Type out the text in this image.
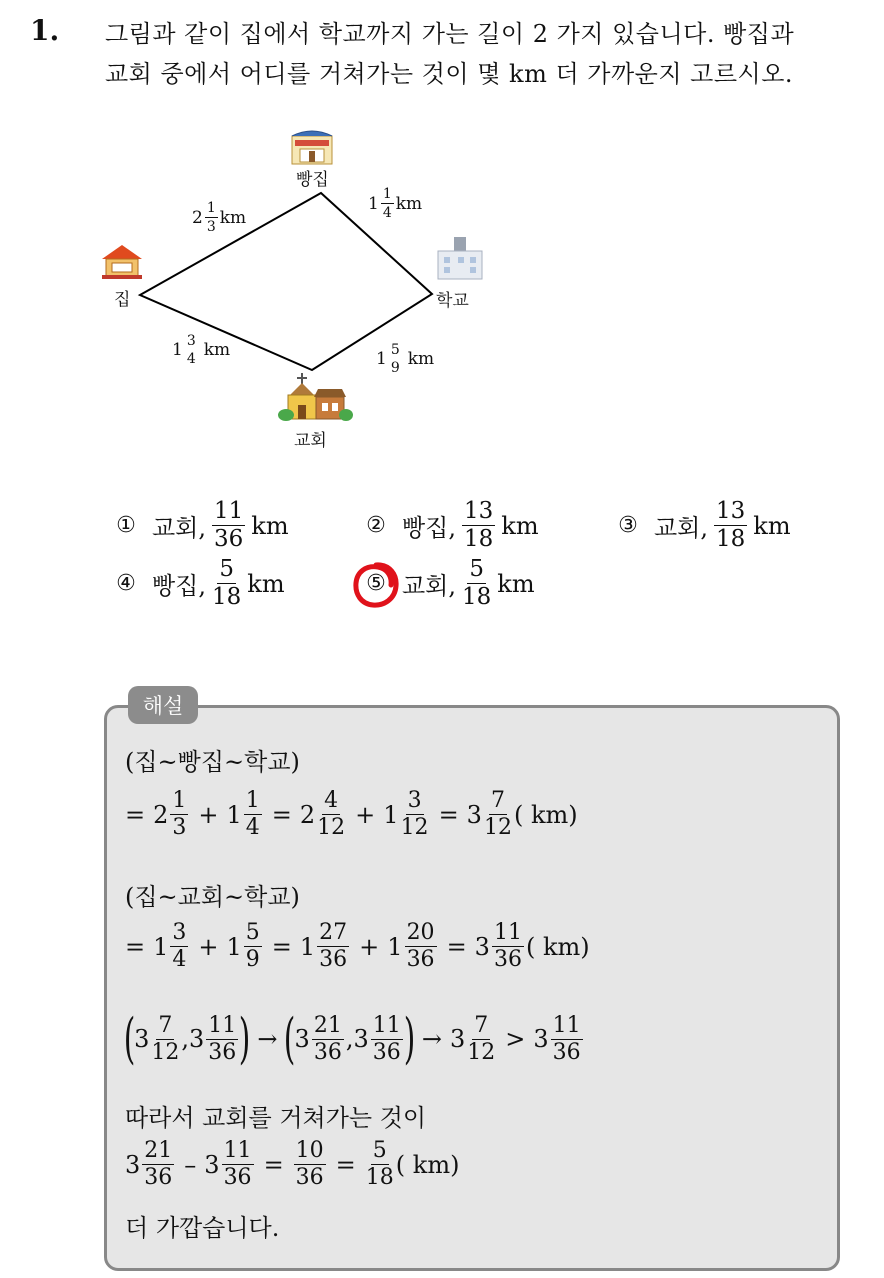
1. 그림과 같이 집에서 학교까지 가는 길이 2 가지 있습니다. 빵집과
교회 중에서 어디를 거쳐가는 것이 몇 km 더 가까운지 고르시오.
빵집
집	학교
교회
$2 \frac{1}{3}$ km
$1 \frac{1}{4}$ km
1 3
4 km	1 5
9 km
① 교회, $\frac{11}{36}$ km	② 빵집, $\frac{13}{18}$ km	③ 교회, $\frac{13}{18}$ km
④ 빵집, $\frac{5}{18}$ km	⑤ 교회, $\frac{5}{18}$ km
해설
(집~빵집~학교)
= $2 \frac{1}{3} + 1 \frac{1}{4} = 2 \frac{4}{12} + 1 \frac{3}{12} = 3 \frac{7}{12}$ ( km)
(집~교회~학교)
= $1 \frac{3}{4} + 1 \frac{5}{9} = 1 \frac{27}{36} + 1 \frac{20}{36} = 3 \frac{11}{36}$ ( km)
(
$3 \frac{7}{12}$ , $3 \frac{11}{36}$ ) → (
$3 \frac{21}{36}$ , $3 \frac{11}{36}$ ) → $3 \frac{7}{12} > 3 \frac{11}{36}$
따라서 교회를 거쳐가는 것이
$3 \frac{21}{36} - 3 \frac{11}{36} = \frac{10}{36} = \frac{5}{18}$ ( km)
더 가깝습니다.
